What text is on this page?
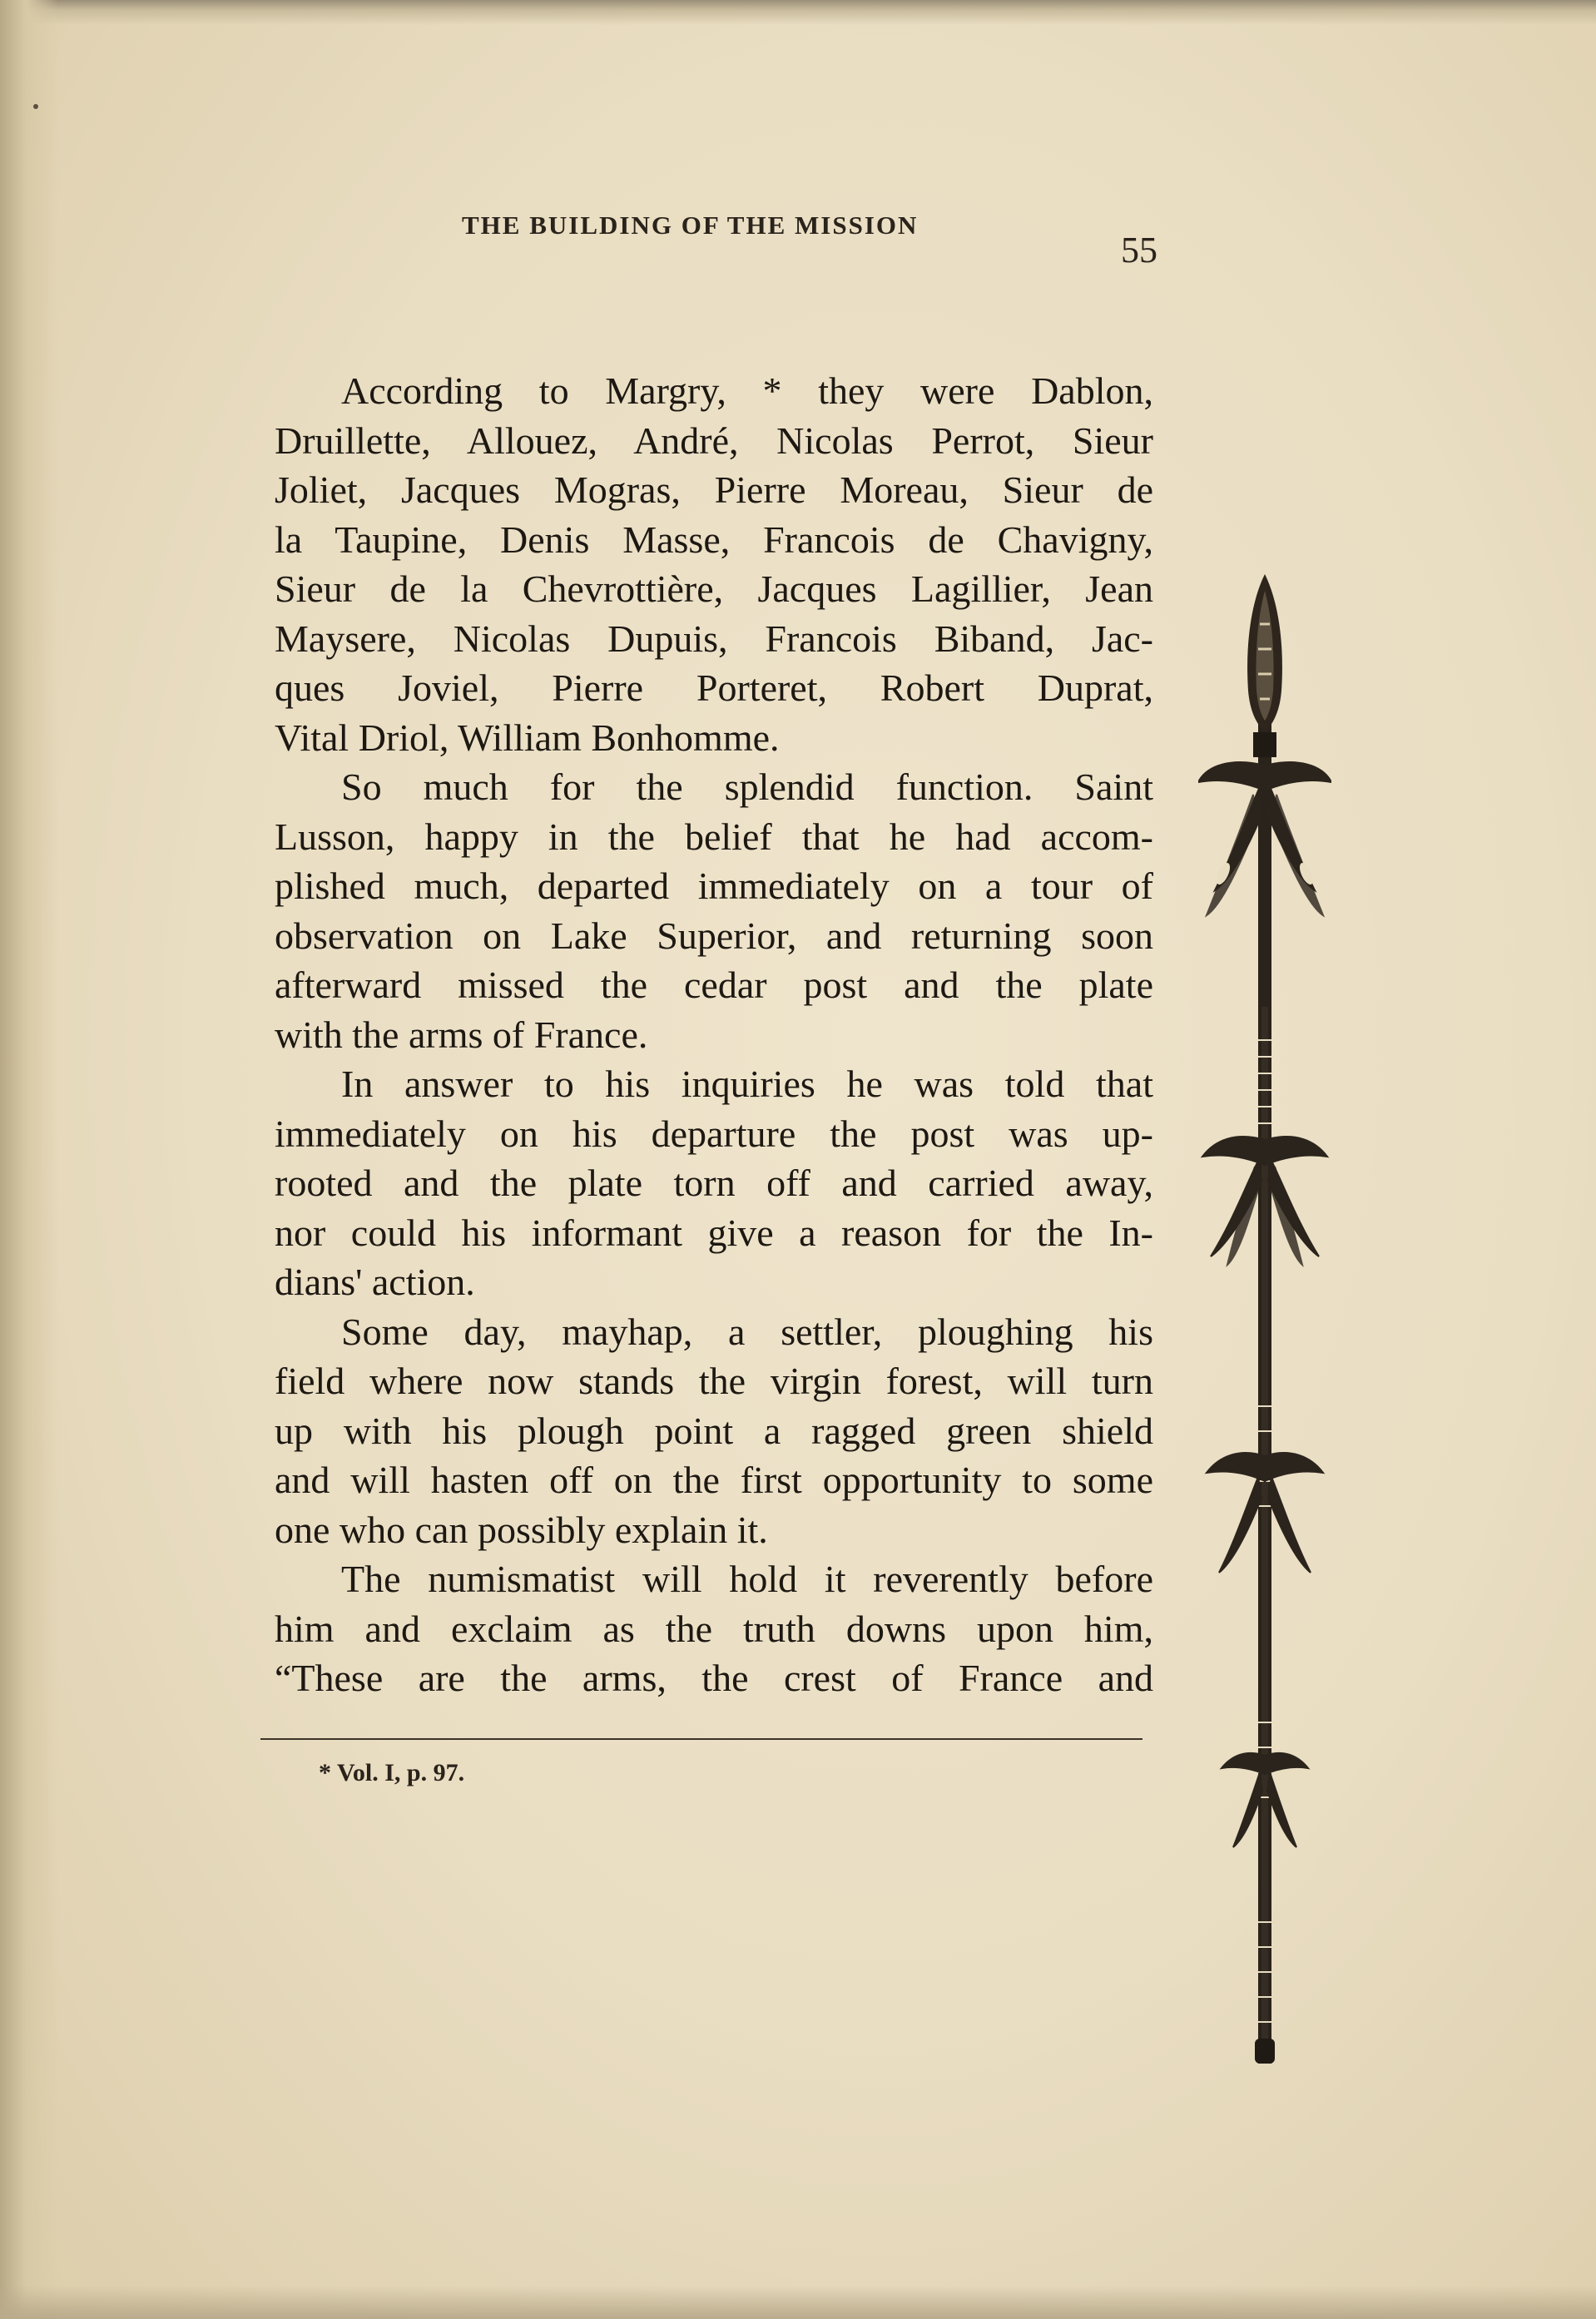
THE BUILDING OF THE MISSION
55

According to Margry, * they were Dablon,
Druillette, Allouez, André, Nicolas Perrot, Sieur
Joliet, Jacques Mogras, Pierre Moreau, Sieur de
la Taupine, Denis Masse, Francois de Chavigny,
Sieur de la Chevrottière, Jacques Lagillier, Jean
Maysere, Nicolas Dupuis, Francois Biband, Jac-
ques Joviel, Pierre Porteret, Robert Duprat,
Vital Driol, William Bonhomme.

So much for the splendid function. Saint
Lusson, happy in the belief that he had accom-
plished much, departed immediately on a tour of
observation on Lake Superior, and returning soon
afterward missed the cedar post and the plate
with the arms of France.

In answer to his inquiries he was told that
immediately on his departure the post was up-
rooted and the plate torn off and carried away,
nor could his informant give a reason for the In-
dians' action.

Some day, mayhap, a settler, ploughing his
field where now stands the virgin forest, will turn
up with his plough point a ragged green shield
and will hasten off on the first opportunity to some
one who can possibly explain it.

The numismatist will hold it reverently before
him and exclaim as the truth downs upon him,
“These are the arms, the crest of France and

* Vol. I, p. 97.
